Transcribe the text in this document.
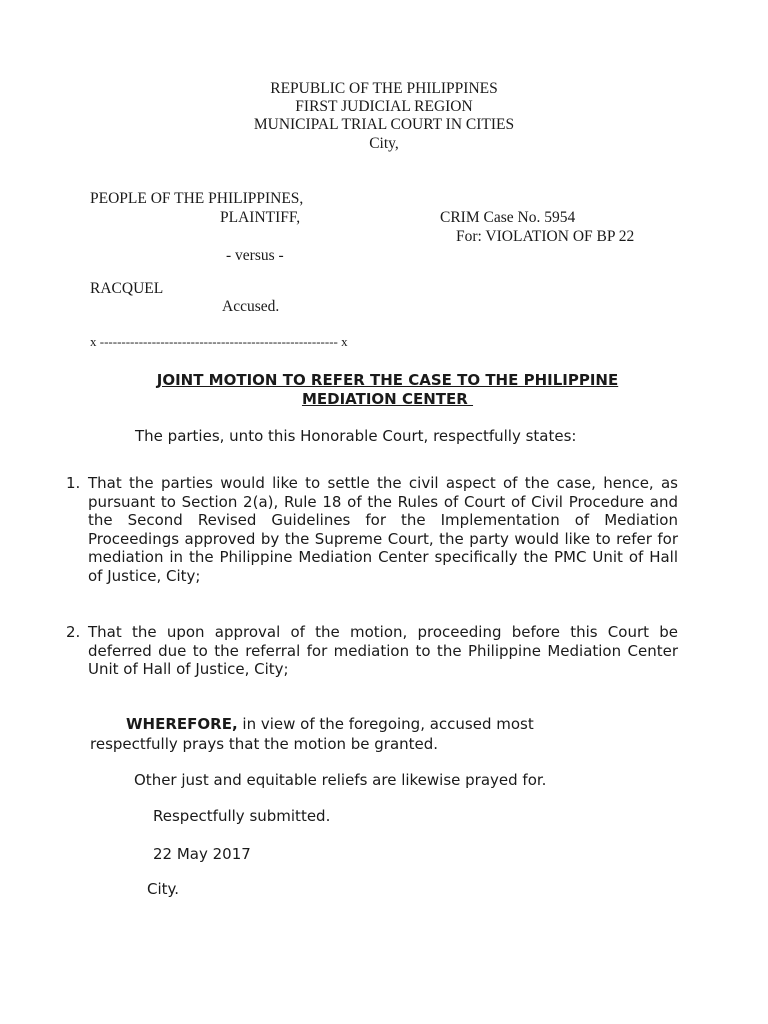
REPUBLIC OF THE PHILIPPINES
FIRST JUDICIAL REGION
MUNICIPAL TRIAL COURT IN CITIES
City,
PEOPLE OF THE PHILIPPINES,
PLAINTIFF,	CRIM Case No. 5954
For: VIOLATION OF BP 22
- versus -
RACQUEL
Accused.
x ------------------------------------------------------- x
JOINT MOTION TO REFER THE CASE TO THE PHILIPPINE
MEDIATION CENTER
The parties, unto this Honorable Court, respectfully states:
1. That the parties would like to settle the civil aspect of the case, hence, as pursuant to Section 2(a), Rule 18 of the Rules of Court of Civil Procedure and the Second Revised Guidelines for the Implementation of Mediation Proceedings approved by the Supreme Court, the party would like to refer for mediation in the Philippine Mediation Center specifically the PMC Unit of Hall of Justice, City;
2. That the upon approval of the motion, proceeding before this Court be deferred due to the referral for mediation to the Philippine Mediation Center Unit of Hall of Justice, City;
WHEREFORE, in view of the foregoing, accused most
respectfully prays that the motion be granted.
Other just and equitable reliefs are likewise prayed for.
Respectfully submitted.
22 May 2017
City.
